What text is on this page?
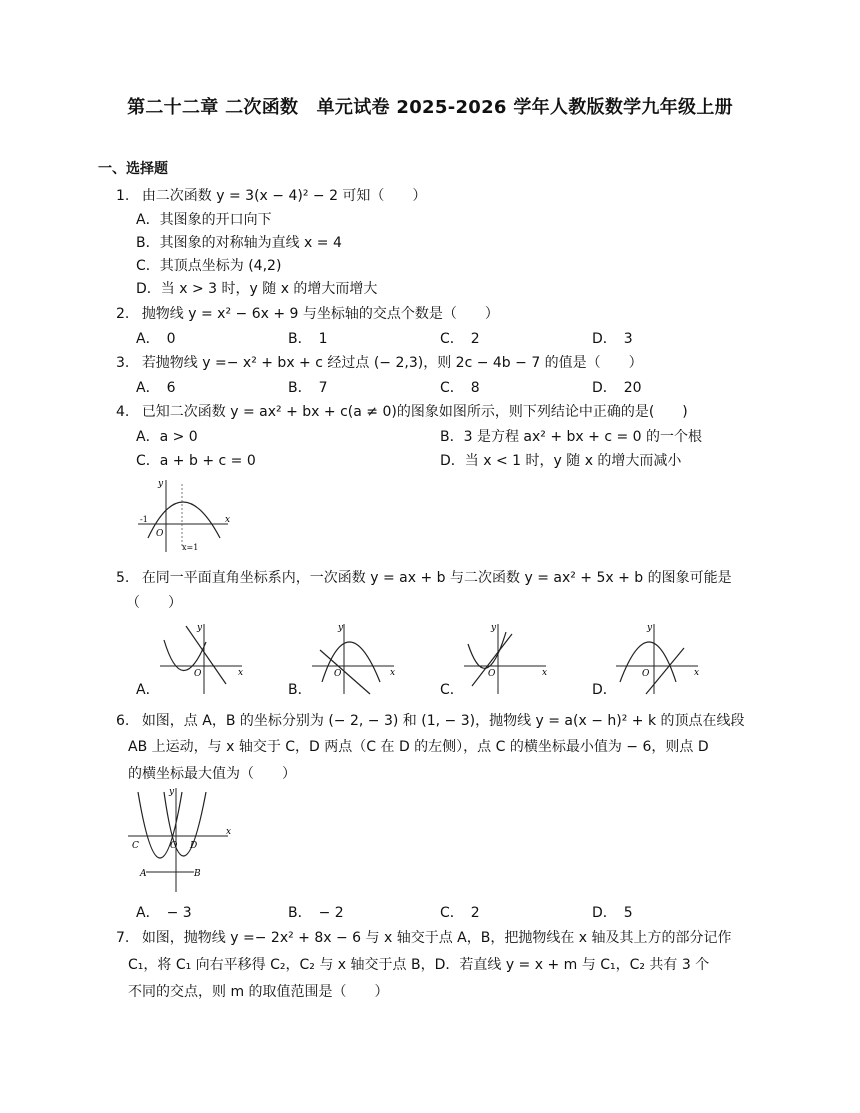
第二十二章 二次函数　单元试卷 2025-2026 学年人教版数学九年级上册
一、选择题
1. 由二次函数 y = 3(x − 4)² − 2 可知（　　）
A．其图象的开口向下
B．其图象的对称轴为直线 x = 4
C．其顶点坐标为 (4,2)
D．当 x > 3 时，y 随 x 的增大而增大
2. 抛物线 y = x² − 6x + 9 与坐标轴的交点个数是（　　）
A．　0	B．　1	C．　2	D．　3
3. 若抛物线 y =− x² + bx + c 经过点 (− 2,3)，则 2c − 4b − 7 的值是（　　）
A．　6	B．　7	C．　8	D．　20
4. 已知二次函数 y = ax² + bx + c(a ≠ 0)的图象如图所示，则下列结论中正确的是(　　)
A．a > 0	B．3 是方程 ax² + bx + c = 0 的一个根
C．a + b + c = 0	D．当 x < 1 时，y 随 x 的增大而减小
y
x
O
-1
x=1
5. 在同一平面直角坐标系内，一次函数 y = ax + b 与二次函数 y = ax² + 5x + b 的图象可能是
（　　）
y
x
O
y
x
O
y
x
O
y
x
O
A．	B．	C．	D．
6. 如图，点 A，B 的坐标分别为 (− 2, − 3) 和 (1, − 3)，抛物线 y = a(x − h)² + k 的顶点在线段
AB 上运动，与 x 轴交于 C，D 两点（C 在 D 的左侧），点 C 的横坐标最小值为 − 6，则点 D
的横坐标最大值为（　　）
y
x
C	O D
A	B
A．　− 3	B．　− 2	C．　2	D．　5
7. 如图，抛物线 y =− 2x² + 8x − 6 与 x 轴交于点 A，B，把抛物线在 x 轴及其上方的部分记作
C₁，将 C₁ 向右平移得 C₂，C₂ 与 x 轴交于点 B，D．若直线 y = x + m 与 C₁，C₂ 共有 3 个
不同的交点，则 m 的取值范围是（　　）
